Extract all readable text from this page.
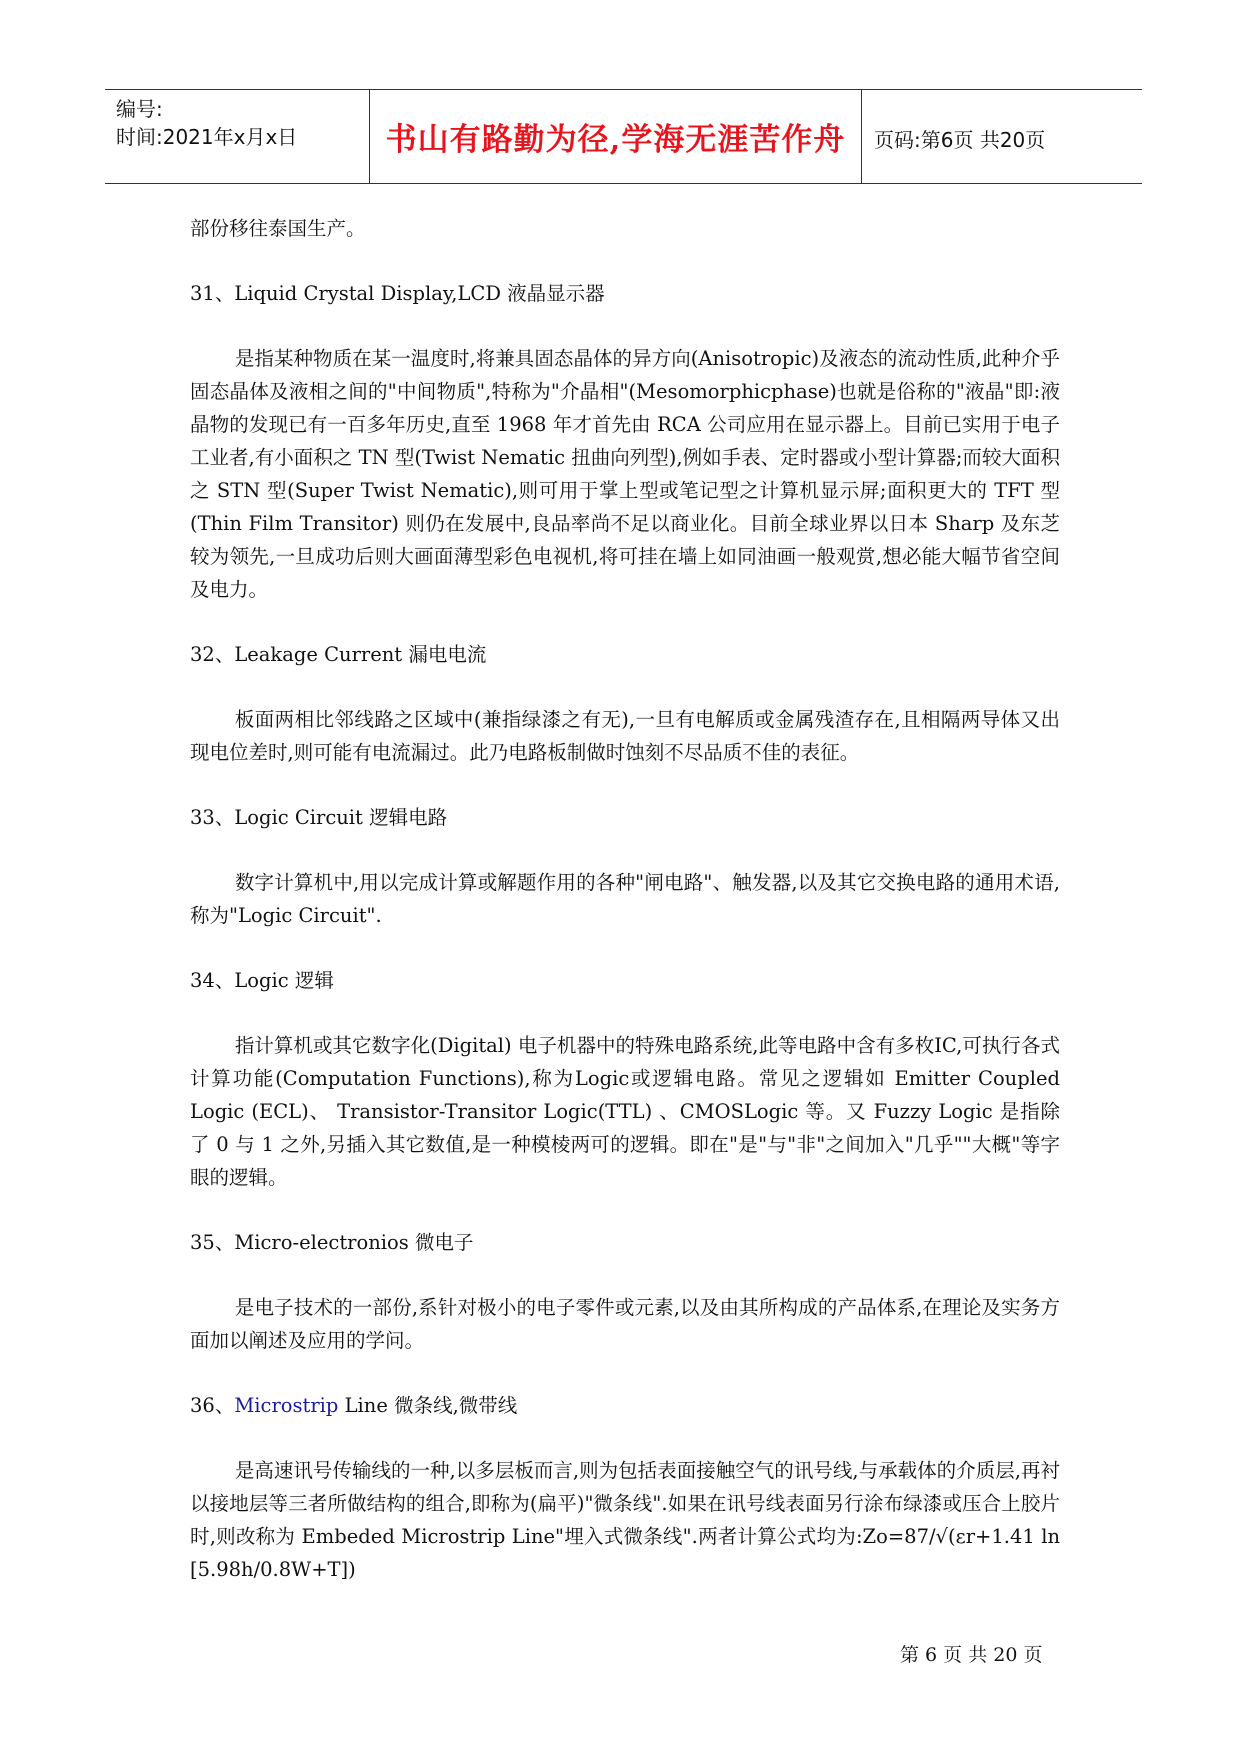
编号:
时间:2021年x月x日	书山有路勤为径,学海无涯苦作舟	页码:第6页 共20页

部份移往泰国生产。

31、Liquid Crystal Display,LCD 液晶显示器

是指某种物质在某一温度时,将兼具固态晶体的异方向(Anisotropic)及液态的流动性质,此种介乎固态晶体及液相之间的"中间物质",特称为"介晶相"(Mesomorphicphase)也就是俗称的"液晶"即:液晶物的发现已有一百多年历史,直至 1968 年才首先由 RCA 公司应用在显示器上。目前已实用于电子工业者,有小面积之 TN 型(Twist Nematic 扭曲向列型),例如手表、定时器或小型计算器;而较大面积之 STN 型(Super Twist Nematic),则可用于掌上型或笔记型之计算机显示屏;面积更大的 TFT 型(Thin Film Transitor) 则仍在发展中,良品率尚不足以商业化。目前全球业界以日本 Sharp 及东芝较为领先,一旦成功后则大画面薄型彩色电视机,将可挂在墙上如同油画一般观赏,想必能大幅节省空间及电力。

32、Leakage Current 漏电电流

板面两相比邻线路之区域中(兼指绿漆之有无),一旦有电解质或金属残渣存在,且相隔两导体又出现电位差时,则可能有电流漏过。此乃电路板制做时蚀刻不尽品质不佳的表征。

33、Logic Circuit 逻辑电路

数字计算机中,用以完成计算或解题作用的各种"闸电路"、触发器,以及其它交换电路的通用术语,称为"Logic Circuit".

34、Logic 逻辑

指计算机或其它数字化(Digital) 电子机器中的特殊电路系统,此等电路中含有多枚IC,可执行各式计算功能(Computation Functions),称为Logic或逻辑电路。常见之逻辑如 Emitter Coupled Logic (ECL)、 Transistor-Transitor Logic(TTL) 、CMOSLogic 等。又 Fuzzy Logic 是指除了 0 与 1 之外,另插入其它数值,是一种模棱两可的逻辑。即在"是"与"非"之间加入"几乎""大概"等字眼的逻辑。

35、Micro-electronios 微电子

是电子技术的一部份,系针对极小的电子零件或元素,以及由其所构成的产品体系,在理论及实务方面加以阐述及应用的学问。

36、Microstrip Line 微条线,微带线

是高速讯号传输线的一种,以多层板而言,则为包括表面接触空气的讯号线,与承载体的介质层,再衬以接地层等三者所做结构的组合,即称为(扁平)"微条线".如果在讯号线表面另行涂布绿漆或压合上胶片时,则改称为 Embeded Microstrip Line"埋入式微条线".两者计算公式均为:Zo=87/√(εr+1.41 ln [5.98h/0.8W+T])

第 6 页 共 20 页
